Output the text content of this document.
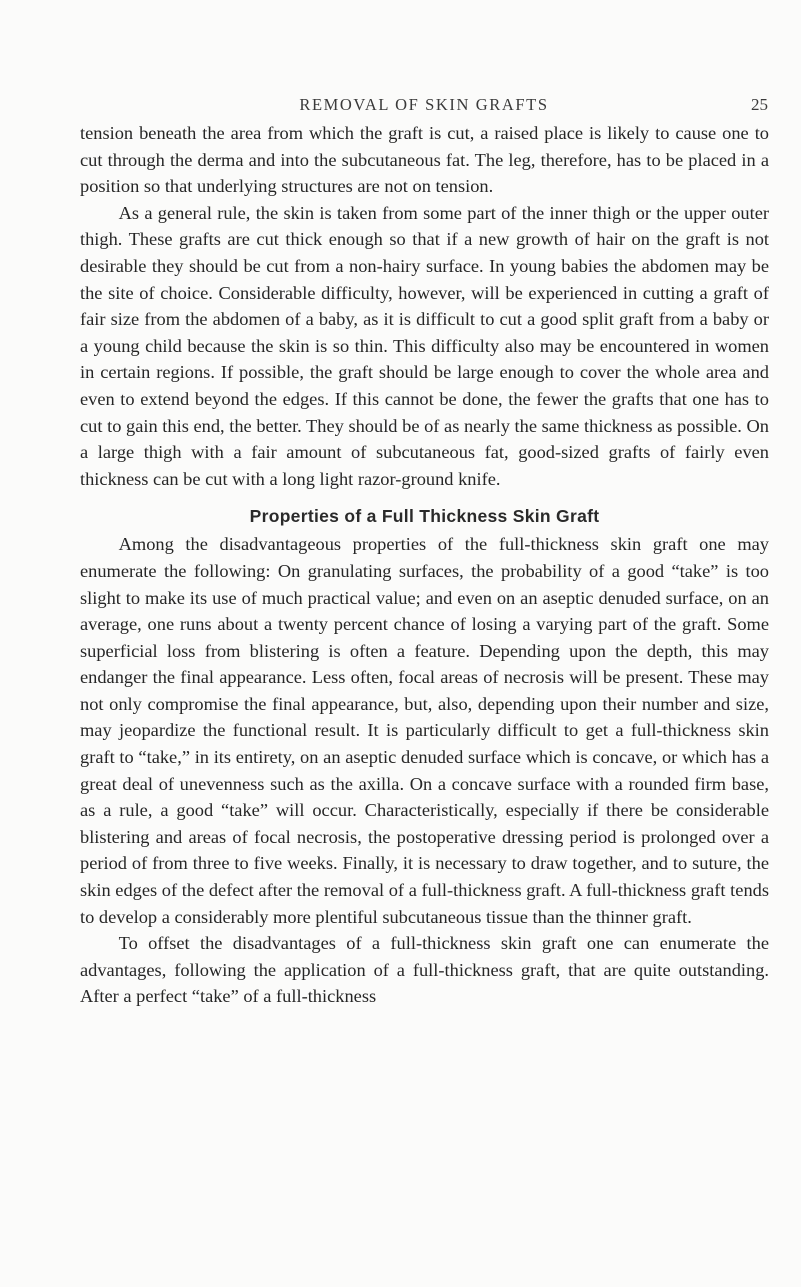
REMOVAL OF SKIN GRAFTS	25

tension beneath the area from which the graft is cut, a raised place is likely to cause one to cut through the derma and into the subcutaneous fat. The leg, therefore, has to be placed in a position so that underlying structures are not on tension.

As a general rule, the skin is taken from some part of the inner thigh or the upper outer thigh. These grafts are cut thick enough so that if a new growth of hair on the graft is not desirable they should be cut from a non-hairy surface. In young babies the abdomen may be the site of choice. Considerable difficulty, however, will be experienced in cutting a graft of fair size from the abdomen of a baby, as it is difficult to cut a good split graft from a baby or a young child because the skin is so thin. This difficulty also may be encountered in women in certain regions. If possible, the graft should be large enough to cover the whole area and even to extend beyond the edges. If this cannot be done, the fewer the grafts that one has to cut to gain this end, the better. They should be of as nearly the same thickness as possible. On a large thigh with a fair amount of subcutaneous fat, good-sized grafts of fairly even thickness can be cut with a long light razor-ground knife.

Properties of a Full Thickness Skin Graft

Among the disadvantageous properties of the full-thickness skin graft one may enumerate the following: On granulating surfaces, the probability of a good “take” is too slight to make its use of much practical value; and even on an aseptic denuded surface, on an average, one runs about a twenty percent chance of losing a varying part of the graft. Some superficial loss from blistering is often a feature. Depending upon the depth, this may endanger the final appearance. Less often, focal areas of necrosis will be present. These may not only compromise the final appearance, but, also, depending upon their number and size, may jeopardize the functional result. It is particularly difficult to get a full-thickness skin graft to “take,” in its entirety, on an aseptic denuded surface which is concave, or which has a great deal of unevenness such as the axilla. On a concave surface with a rounded firm base, as a rule, a good “take” will occur. Characteristically, especially if there be considerable blistering and areas of focal necrosis, the postoperative dressing period is prolonged over a period of from three to five weeks. Finally, it is necessary to draw together, and to suture, the skin edges of the defect after the removal of a full-thickness graft. A full-thickness graft tends to develop a considerably more plentiful subcutaneous tissue than the thinner graft.

To offset the disadvantages of a full-thickness skin graft one can enumerate the advantages, following the application of a full-thickness graft, that are quite outstanding. After a perfect “take” of a full-thickness
